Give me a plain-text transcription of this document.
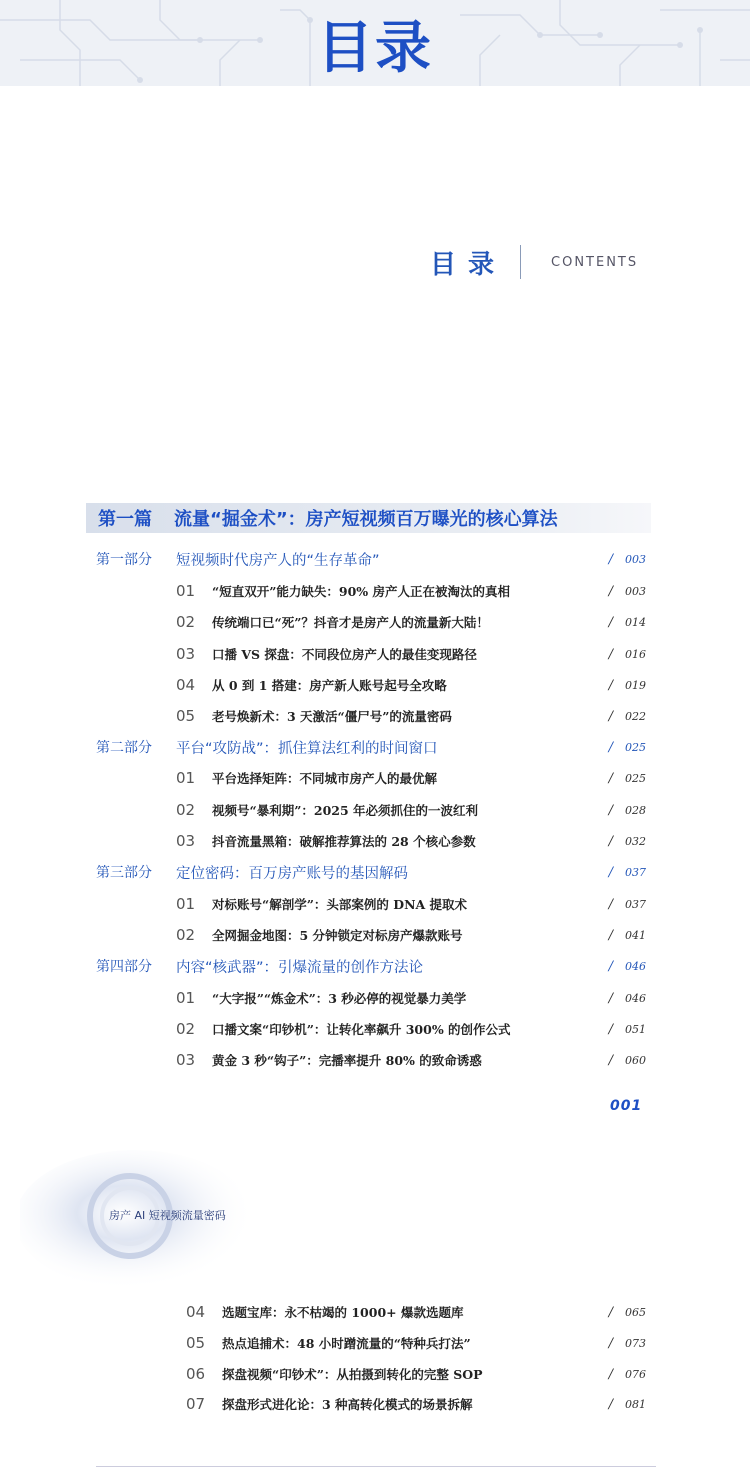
目录
目录	CONTENTS
第一篇 流量“掘金术”：房产短视频百万曝光的核心算法
第一部分	短视频时代房产人的“生存革命”	/ 003
01	“短直双开”能力缺失：90% 房产人正在被淘汰的真相	/ 003
02	传统端口已“死”？抖音才是房产人的流量新大陆！	/ 014
03	口播 VS 探盘：不同段位房产人的最佳变现路径	/ 016
04	从 0 到 1 搭建：房产新人账号起号全攻略	/ 019
05	老号焕新术：3 天激活“僵尸号”的流量密码	/ 022
第二部分	平台“攻防战”：抓住算法红利的时间窗口	/ 025
01	平台选择矩阵：不同城市房产人的最优解	/ 025
02	视频号“暴利期”：2025 年必须抓住的一波红利	/ 028
03	抖音流量黑箱：破解推荐算法的 28 个核心参数	/ 032
第三部分	定位密码：百万房产账号的基因解码	/ 037
01	对标账号“解剖学”：头部案例的 DNA 提取术	/ 037
02	全网掘金地图：5 分钟锁定对标房产爆款账号	/ 041
第四部分	内容“核武器”：引爆流量的创作方法论	/ 046
01	“大字报”“炼金术”：3 秒必停的视觉暴力美学	/ 046
02	口播文案“印钞机”：让转化率飙升 300% 的创作公式	/ 051
03	黄金 3 秒“钩子”：完播率提升 80% 的致命诱惑	/ 060
001
房产 AI 短视频流量密码
04	选题宝库：永不枯竭的 1000+ 爆款选题库	/ 065
05	热点追捕术：48 小时蹭流量的“特种兵打法”	/ 073
06	探盘视频“印钞术”：从拍摄到转化的完整 SOP	/ 076
07	探盘形式进化论：3 种高转化模式的场景拆解	/ 081
